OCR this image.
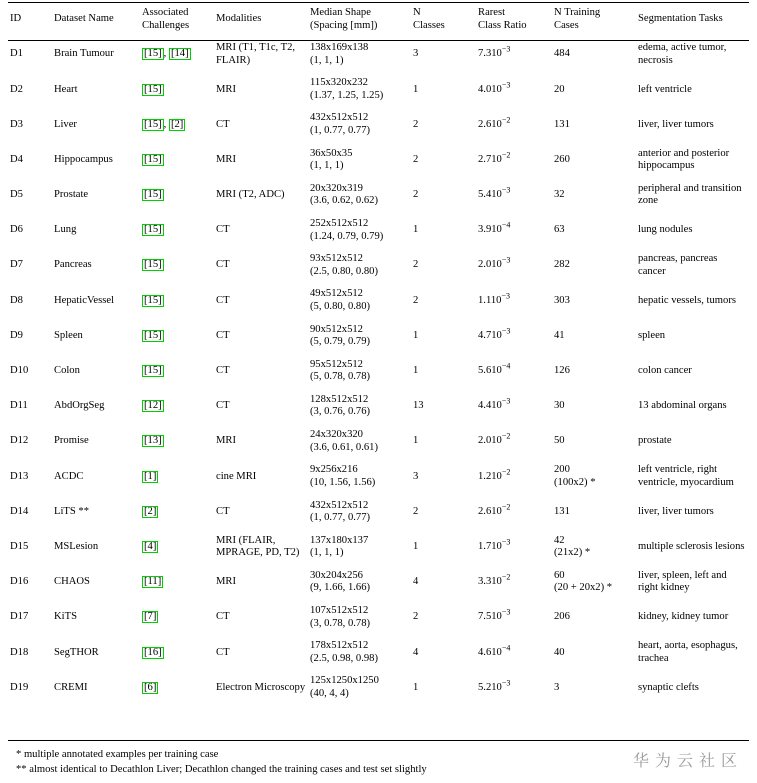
ID	Dataset Name	Associated
Challenges	Modalities	Median Shape
(Spacing [mm])	N
Classes	Rarest
Class Ratio	N Training
Cases	Segmentation Tasks
D1	Brain Tumour	[15] , [14]	MRI (T1, T1c, T2, FLAIR)	138x169x138
(1, 1, 1)	3	$7.310^{-3}$	484	edema, active tumor, necrosis
D2	Heart	[15]	MRI	115x320x232
(1.37, 1.25, 1.25)	1	$4.010^{-3}$	20	left ventricle
D3	Liver	[15] , [2]	CT	432x512x512
(1, 0.77, 0.77)	2	$2.610^{-2}$	131	liver, liver tumors
D4	Hippocampus	[15]	MRI	36x50x35
(1, 1, 1)	2	$2.710^{-2}$	260	anterior and posterior hippocampus
D5	Prostate	[15]	MRI (T2, ADC)	20x320x319
(3.6, 0.62, 0.62)	2	$5.410^{-3}$	32	peripheral and transition zone
D6	Lung	[15]	CT	252x512x512
(1.24, 0.79, 0.79)	1	$3.910^{-4}$	63	lung nodules
D7	Pancreas	[15]	CT	93x512x512
(2.5, 0.80, 0.80)	2	$2.010^{-3}$	282	pancreas, pancreas cancer
D8	HepaticVessel	[15]	CT	49x512x512
(5, 0.80, 0.80)	2	$1.110^{-3}$	303	hepatic vessels, tumors
D9	Spleen	[15]	CT	90x512x512
(5, 0.79, 0.79)	1	$4.710^{-3}$	41	spleen
D10	Colon	[15]	CT	95x512x512
(5, 0.78, 0.78)	1	$5.610^{-4}$	126	colon cancer
D11	AbdOrgSeg	[12]	CT	128x512x512
(3, 0.76, 0.76)	13	$4.410^{-3}$	30	13 abdominal organs
D12	Promise	[13]	MRI	24x320x320
(3.6, 0.61, 0.61)	1	$2.010^{-2}$	50	prostate
D13	ACDC	[1]	cine MRI	9x256x216
(10, 1.56, 1.56)	3	$1.210^{-2}$	200
(100x2) *	left ventricle, right ventricle, myocardium
D14	LiTS **	[2]	CT	432x512x512
(1, 0.77, 0.77)	2	$2.610^{-2}$	131	liver, liver tumors
D15	MSLesion	[4]	MRI (FLAIR, MPRAGE, PD, T2)	137x180x137
(1, 1, 1)	1	$1.710^{-3}$	42
(21x2) *	multiple sclerosis lesions
D16	CHAOS	[11]	MRI	30x204x256
(9, 1.66, 1.66)	4	$3.310^{-2}$	60
(20 + 20x2) *	liver, spleen, left and right kidney
D17	KiTS	[7]	CT	107x512x512
(3, 0.78, 0.78)	2	$7.510^{-3}$	206	kidney, kidney tumor
D18	SegTHOR	[16]	CT	178x512x512
(2.5, 0.98, 0.98)	4	$4.610^{-4}$	40	heart, aorta, esophagus, trachea
D19	CREMI	[6]	Electron Microscopy	125x1250x1250
(40, 4, 4)	1	$5.210^{-3}$	3	synaptic clefts
* multiple annotated examples per training case
** almost identical to Decathlon Liver; Decathlon changed the training cases and test set slightly	华为云社区
